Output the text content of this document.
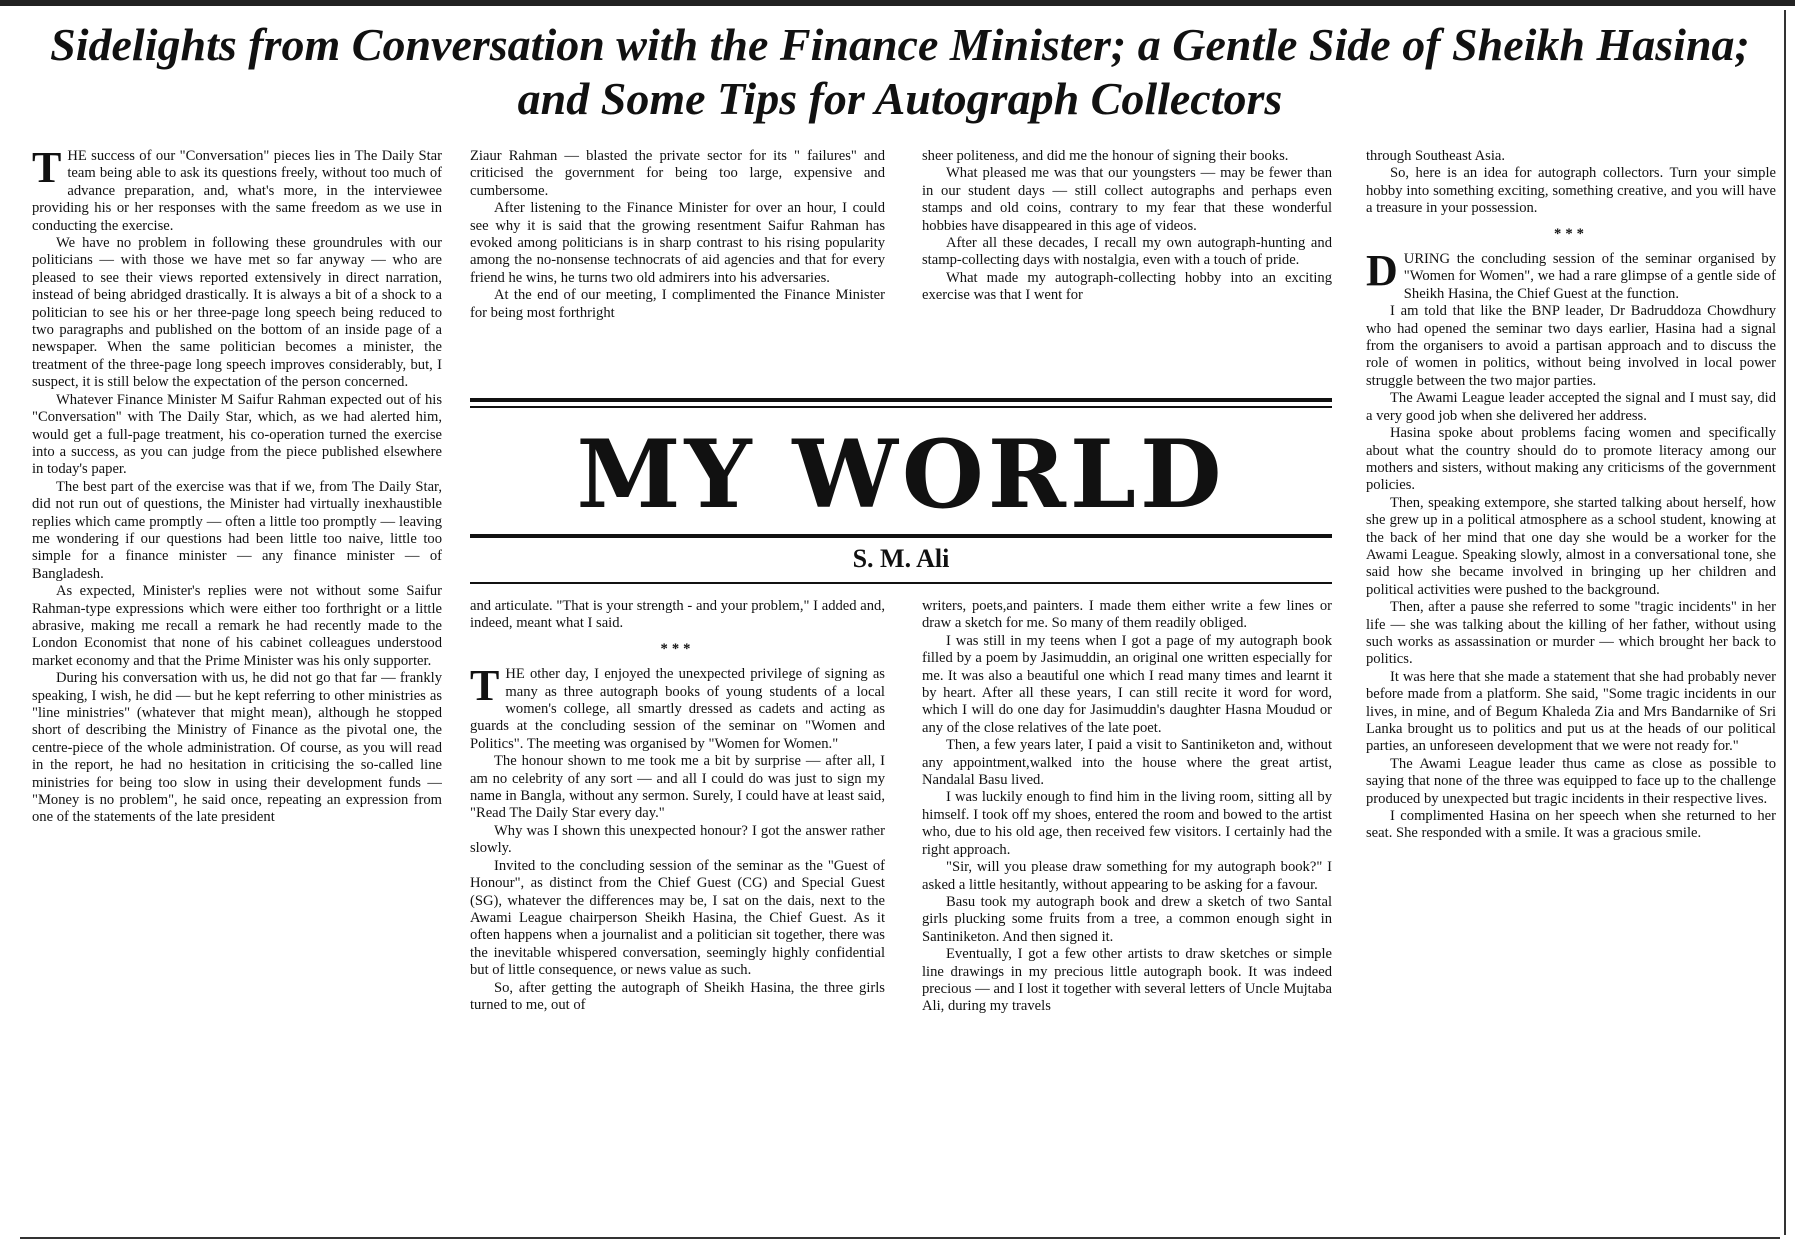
Sidelights from Conversation with the Finance Minister; a Gentle Side of Sheikh Hasina; and Some Tips for Autograph Collectors

THE success of our "Conversation" pieces lies in The Daily Star team being able to ask its questions freely, without too much of advance preparation, and, what's more, in the interviewee providing his or her responses with the same freedom as we use in conducting the exercise.

We have no problem in following these groundrules with our politicians — with those we have met so far anyway — who are pleased to see their views reported extensively in direct narration, instead of being abridged drastically. It is always a bit of a shock to a politician to see his or her three-page long speech being reduced to two paragraphs and published on the bottom of an inside page of a newspaper. When the same politician becomes a minister, the treatment of the three-page long speech improves considerably, but, I suspect, it is still below the expectation of the person concerned.

Whatever Finance Minister M Saifur Rahman expected out of his "Conversation" with The Daily Star, which, as we had alerted him, would get a full-page treatment, his co-operation turned the exercise into a success, as you can judge from the piece published elsewhere in today's paper.

The best part of the exercise was that if we, from The Daily Star, did not run out of questions, the Minister had virtually inexhaustible replies which came promptly — often a little too promptly — leaving me wondering if our questions had been little too naive, little too simple for a finance minister — any finance minister — of Bangladesh.

As expected, Minister's replies were not without some Saifur Rahman-type expressions which were either too forthright or a little abrasive, making me recall a remark he had recently made to the London Economist that none of his cabinet colleagues understood market economy and that the Prime Minister was his only supporter.

During his conversation with us, he did not go that far — frankly speaking, I wish, he did — but he kept referring to other ministries as "line ministries" (whatever that might mean), although he stopped short of describing the Ministry of Finance as the pivotal one, the centre-piece of the whole administration. Of course, as you will read in the report, he had no hesitation in criticising the so-called line ministries for being too slow in using their development funds — "Money is no problem", he said once, repeating an expression from one of the statements of the late president

Ziaur Rahman — blasted the private sector for its " failures" and criticised the government for being too large, expensive and cumbersome.

After listening to the Finance Minister for over an hour, I could see why it is said that the growing resentment Saifur Rahman has evoked among politicians is in sharp contrast to his rising popularity among the no-nonsense technocrats of aid agencies and that for every friend he wins, he turns two old admirers into his adversaries.

At the end of our meeting, I complimented the Finance Minister for being most forthright

sheer politeness, and did me the honour of signing their books.

What pleased me was that our youngsters — may be fewer than in our student days — still collect autographs and perhaps even stamps and old coins, contrary to my fear that these wonderful hobbies have disappeared in this age of videos.

After all these decades, I recall my own autograph-hunting and stamp-collecting days with nostalgia, even with a touch of pride.

What made my autograph-collecting hobby into an exciting exercise was that I went for

through Southeast Asia.

So, here is an idea for autograph collectors. Turn your simple hobby into something exciting, something creative, and you will have a treasure in your possession.

***

DURING the concluding session of the seminar organised by "Women for Women", we had a rare glimpse of a gentle side of Sheikh Hasina, the Chief Guest at the function.

I am told that like the BNP leader, Dr Badruddoza Chowdhury who had opened the seminar two days earlier, Hasina had a signal from the organisers to avoid a partisan approach and to discuss the role of women in politics, without being involved in local power struggle between the two major parties.

The Awami League leader accepted the signal and I must say, did a very good job when she delivered her address.

Hasina spoke about problems facing women and specifically about what the country should do to promote literacy among our mothers and sisters, without making any criticisms of the government policies.

Then, speaking extempore, she started talking about herself, how she grew up in a political atmosphere as a school student, knowing at the back of her mind that one day she would be a worker for the Awami League. Speaking slowly, almost in a conversational tone, she said how she became involved in bringing up her children and political activities were pushed to the background.

Then, after a pause she referred to some "tragic incidents" in her life — she was talking about the killing of her father, without using such works as assassination or murder — which brought her back to politics.

It was here that she made a statement that she had probably never before made from a platform. She said, "Some tragic incidents in our lives, in mine, and of Begum Khaleda Zia and Mrs Bandarnike of Sri Lanka brought us to politics and put us at the heads of our political parties, an unforeseen development that we were not ready for."

The Awami League leader thus came as close as possible to saying that none of the three was equipped to face up to the challenge produced by unexpected but tragic incidents in their respective lives.

I complimented Hasina on her speech when she returned to her seat. She responded with a smile. It was a gracious smile.

MY WORLD
S. M. Ali

and articulate. "That is your strength - and your problem," I added and, indeed, meant what I said.

***

THE other day, I enjoyed the unexpected privilege of signing as many as three autograph books of young students of a local women's college, all smartly dressed as cadets and acting as guards at the concluding session of the seminar on "Women and Politics". The meeting was organised by "Women for Women."

The honour shown to me took me a bit by surprise — after all, I am no celebrity of any sort — and all I could do was just to sign my name in Bangla, without any sermon. Surely, I could have at least said, "Read The Daily Star every day."

Why was I shown this unexpected honour? I got the answer rather slowly.

Invited to the concluding session of the seminar as the "Guest of Honour", as distinct from the Chief Guest (CG) and Special Guest (SG), whatever the differences may be, I sat on the dais, next to the Awami League chairperson Sheikh Hasina, the Chief Guest. As it often happens when a journalist and a politician sit together, there was the inevitable whispered conversation, seemingly highly confidential but of little consequence, or news value as such.

So, after getting the autograph of Sheikh Hasina, the three girls turned to me, out of

writers, poets,and painters. I made them either write a few lines or draw a sketch for me. So many of them readily obliged.

I was still in my teens when I got a page of my autograph book filled by a poem by Jasimuddin, an original one written especially for me. It was also a beautiful one which I read many times and learnt it by heart. After all these years, I can still recite it word for word, which I will do one day for Jasimuddin's daughter Hasna Moudud or any of the close relatives of the late poet.

Then, a few years later, I paid a visit to Santiniketon and, without any appointment,walked into the house where the great artist, Nandalal Basu lived.

I was luckily enough to find him in the living room, sitting all by himself. I took off my shoes, entered the room and bowed to the artist who, due to his old age, then received few visitors. I certainly had the right approach.

"Sir, will you please draw something for my autograph book?" I asked a little hesitantly, without appearing to be asking for a favour.

Basu took my autograph book and drew a sketch of two Santal girls plucking some fruits from a tree, a common enough sight in Santiniketon. And then signed it.

Eventually, I got a few other artists to draw sketches or simple line drawings in my precious little autograph book. It was indeed precious — and I lost it together with several letters of Uncle Mujtaba Ali, during my travels
